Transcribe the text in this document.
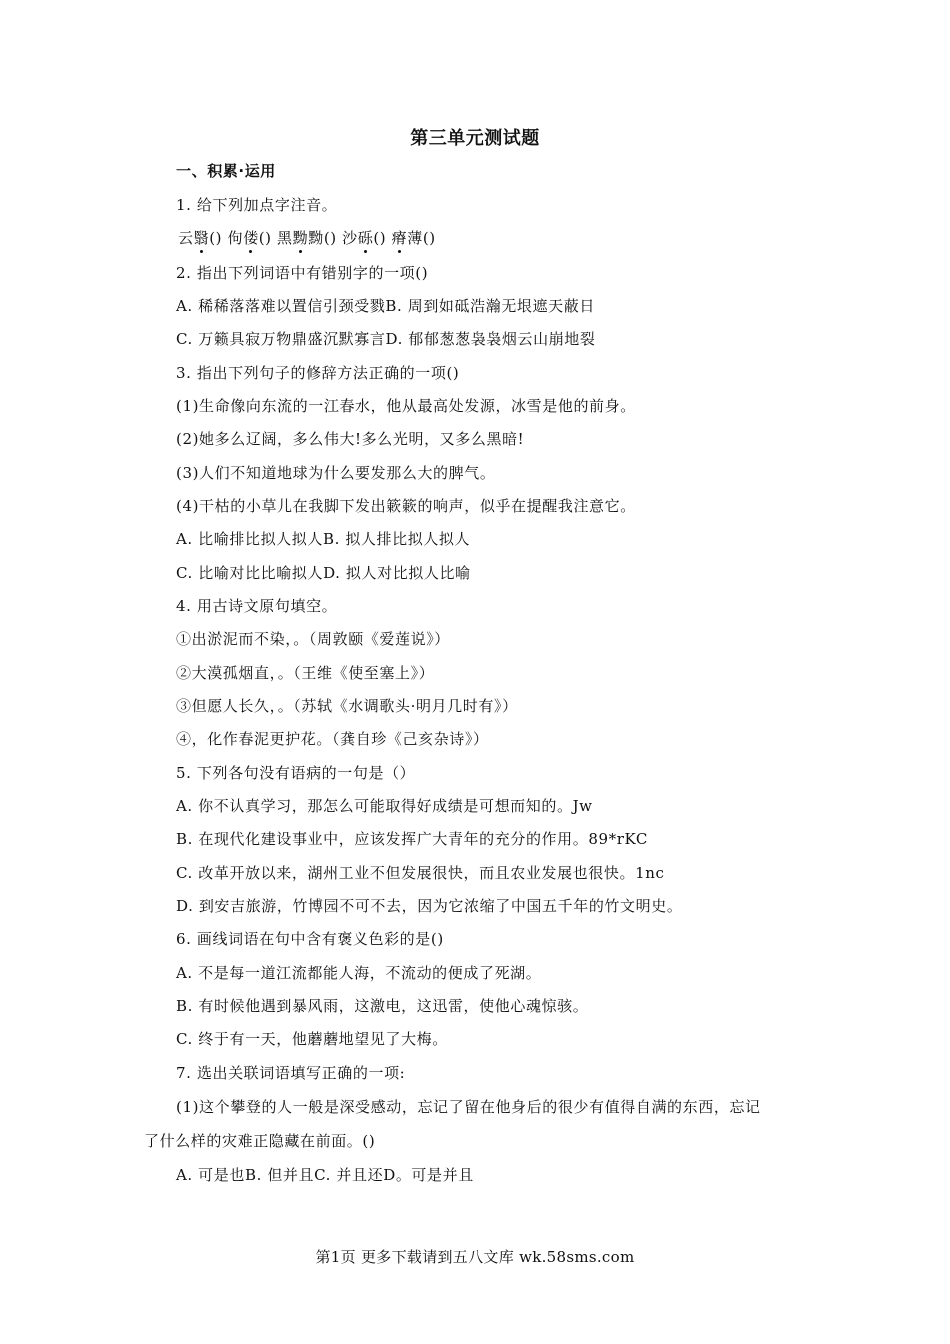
第三单元测试题
一、积累·运用
1. 给下列加点字注音。
云翳() 佝偻() 黑黝黝() 沙砾() 瘠薄()
2. 指出下列词语中有错别字的一项()
A. 稀稀落落难以置信引颈受戮B. 周到如砥浩瀚无垠遮天蔽日
C. 万籁具寂万物鼎盛沉默寡言D. 郁郁葱葱袅袅烟云山崩地裂
3. 指出下列句子的修辞方法正确的一项()
(1)生命像向东流的一江春水，他从最高处发源，冰雪是他的前身。
(2)她多么辽阔，多么伟大!多么光明，又多么黑暗!
(3)人们不知道地球为什么要发那么大的脾气。
(4)干枯的小草儿在我脚下发出簌簌的响声，似乎在提醒我注意它。
A. 比喻排比拟人拟人B. 拟人排比拟人拟人
C. 比喻对比比喻拟人D. 拟人对比拟人比喻
4. 用古诗文原句填空。
①出淤泥而不染，。（周敦颐《爱莲说》）
②大漠孤烟直，。（王维《使至塞上》）
③但愿人长久，。（苏轼《水调歌头·明月几时有》）
④，化作春泥更护花。（龚自珍《己亥杂诗》）
5. 下列各句没有语病的一句是（）
A. 你不认真学习，那怎么可能取得好成绩是可想而知的。Jw
B. 在现代化建设事业中，应该发挥广大青年的充分的作用。89*rKC
C. 改革开放以来，湖州工业不但发展很快，而且农业发展也很快。1nc
D. 到安吉旅游，竹博园不可不去，因为它浓缩了中国五千年的竹文明史。
6. 画线词语在句中含有褒义色彩的是()
A. 不是每一道江流都能人海，不流动的便成了死湖。
B. 有时候他遇到暴风雨，这激电，这迅雷，使他心魂惊骇。
C. 终于有一天，他蘑蘑地望见了大梅。
7. 选出关联词语填写正确的一项:
(1)这个攀登的人一般是深受感动，忘记了留在他身后的很少有值得自满的东西，忘记
了什么样的灾难正隐藏在前面。()
A. 可是也B. 但并且C. 并且还D。可是并且
第1页 更多下载请到五八文库 wk.58sms.com
